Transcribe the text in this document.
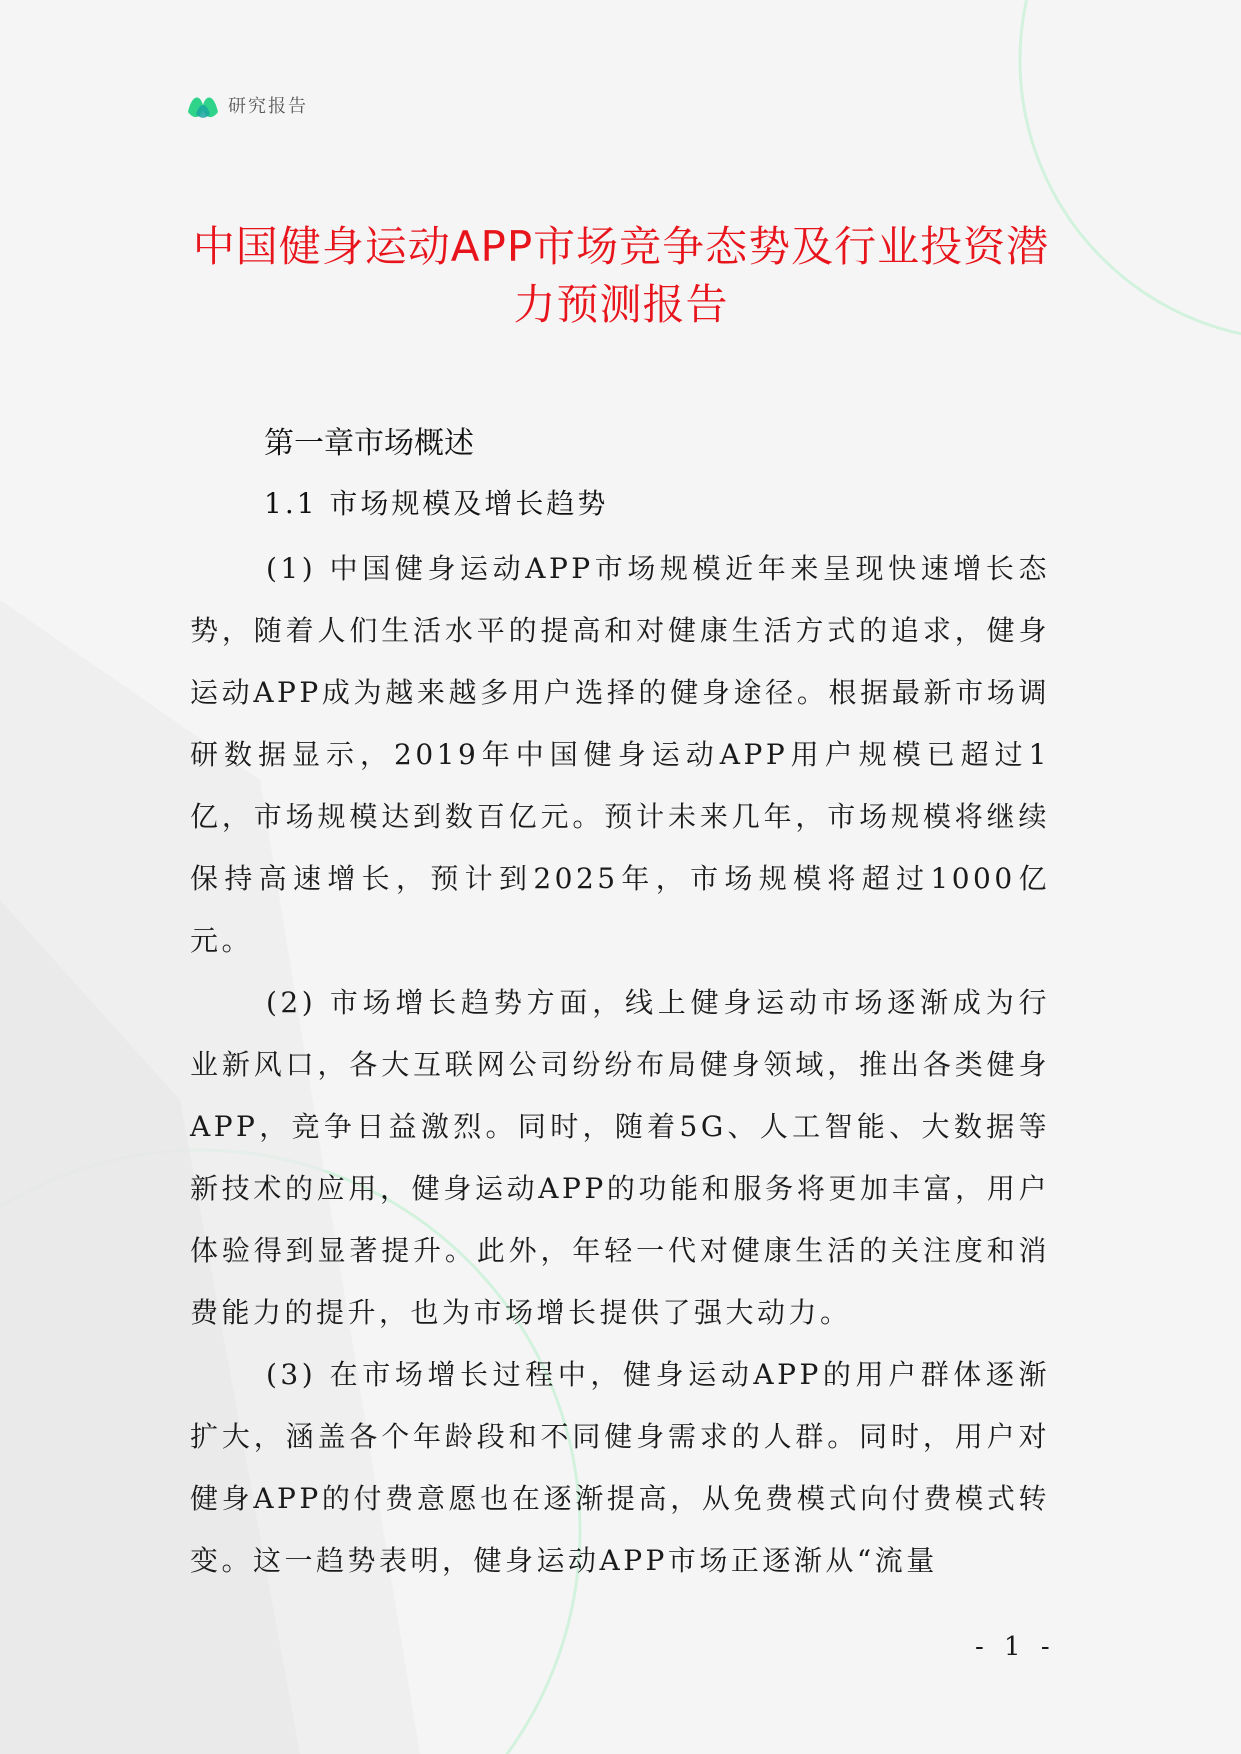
研究报告
中国健身运动APP市场竞争态势及行业投资潜力预测报告
第一章市场概述
1.1 市场规模及增长趋势

(1) 中国健身运动APP市场规模近年来呈现快速增长态势，随着人们生活水平的提高和对健康生活方式的追求，健身运动APP成为越来越多用户选择的健身途径。根据最新市场调研数据显示，2019年中国健身运动APP用户规模已超过1亿，市场规模达到数百亿元。预计未来几年，市场规模将继续保持高速增长，预计到2025年，市场规模将超过1000亿元。

(2) 市场增长趋势方面，线上健身运动市场逐渐成为行业新风口，各大互联网公司纷纷布局健身领域，推出各类健身APP，竞争日益激烈。同时，随着5G、人工智能、大数据等新技术的应用，健身运动APP的功能和服务将更加丰富，用户体验得到显著提升。此外，年轻一代对健康生活的关注度和消费能力的提升，也为市场增长提供了强大动力。

(3) 在市场增长过程中，健身运动APP的用户群体逐渐扩大，涵盖各个年龄段和不同健身需求的人群。同时，用户对健身APP的付费意愿也在逐渐提高，从免费模式向付费模式转变。这一趋势表明，健身运动APP市场正逐渐从“流量

- 1 -
